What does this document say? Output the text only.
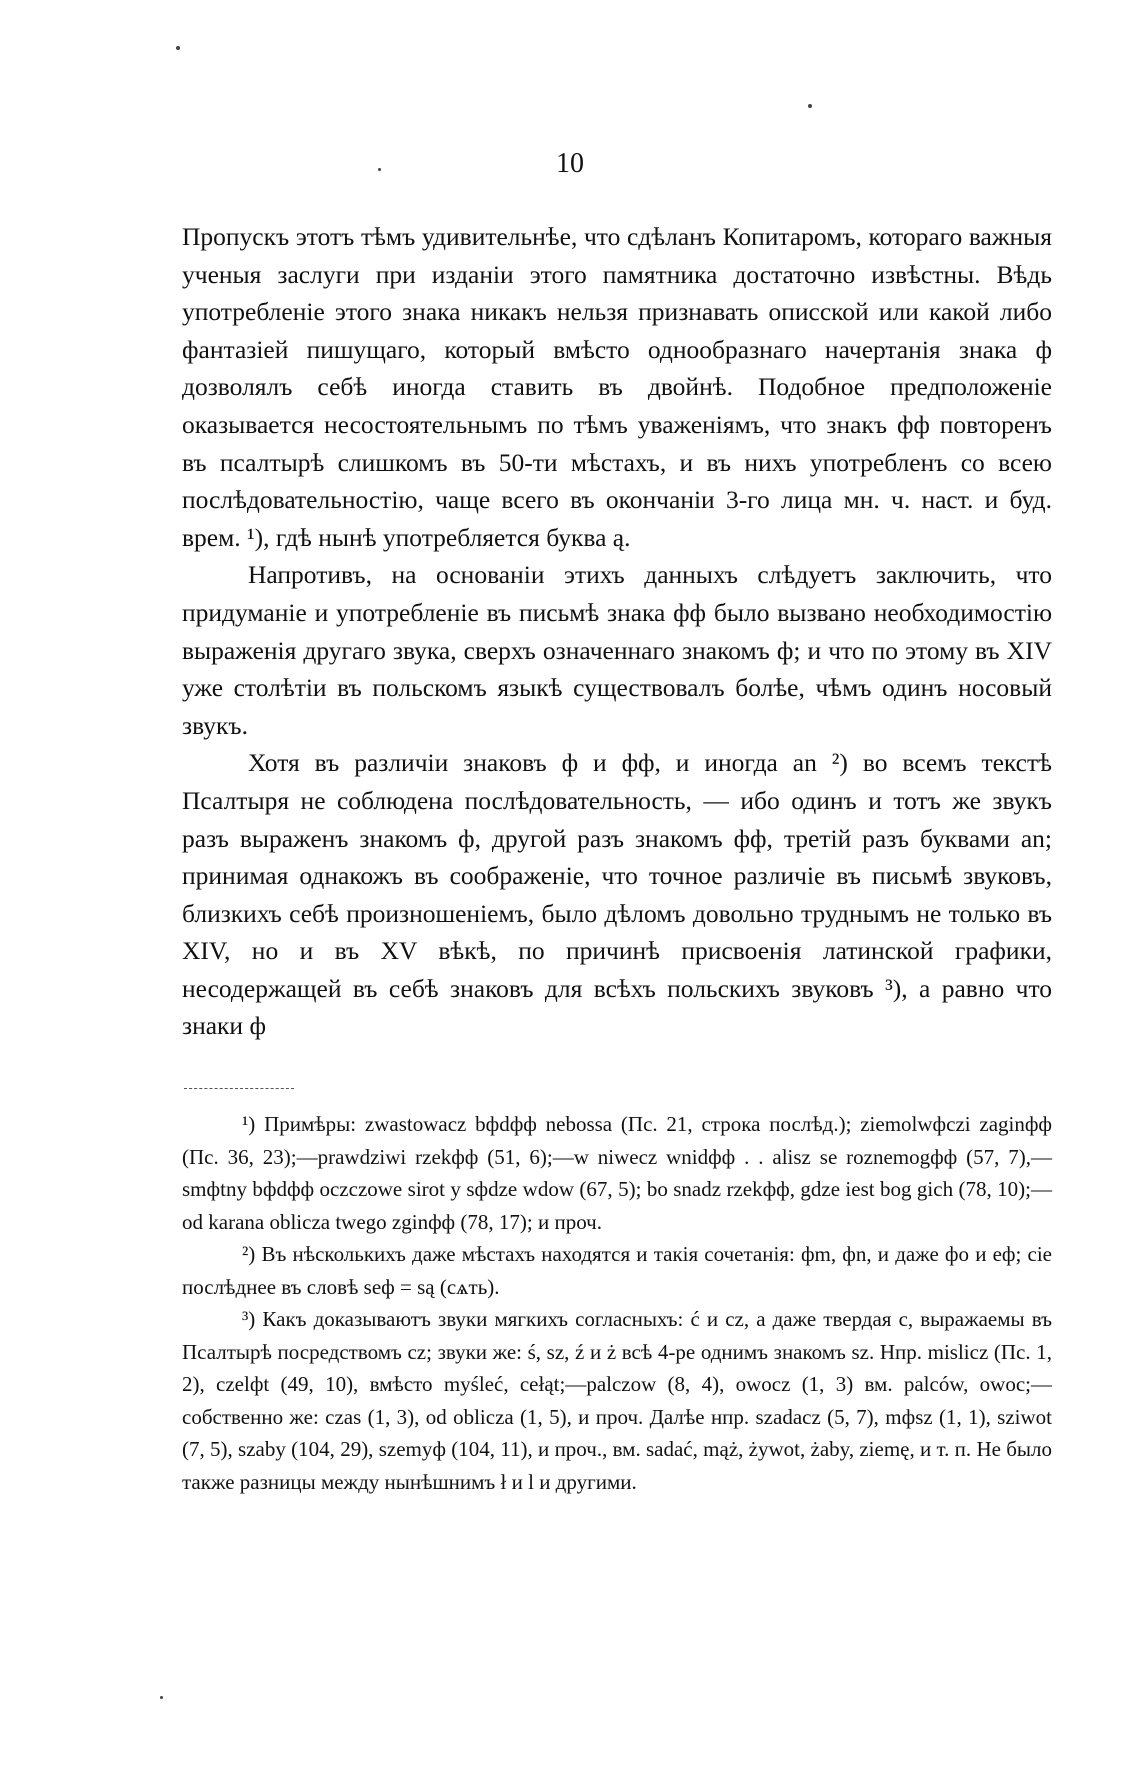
10

Пропускъ этотъ тѣмъ удивительнѣе, что сдѣланъ Копитаромъ, котораго важныя ученыя заслуги при изданіи этого памятника достаточно извѣстны. Вѣдь употребленіе этого знака никакъ нельзя признавать описcкой или какой либо фантазiей пишущаго, который вмѣсто однообразнаго начертанія знака ф дозволялъ себѣ иногда ставить въ двойнѣ. Подобное предположенiе оказывается несостоятельнымъ по тѣмъ уваженіямъ, что знакъ фф повторенъ въ псалтырѣ слишкомъ въ 50-ти мѣстахъ, и въ нихъ употребленъ со всею послѣдовательностію, чаще всего въ окончаніи 3-го лица мн. ч. наст. и буд. врем. ¹), гдѣ нынѣ употребляется буква ą.

Напротивъ, на основаніи этихъ данныхъ слѣдуетъ заключить, что придуманіе и употребленіе въ письмѣ знака фф было вызвано необходимостію выраженія другаго звука, сверхъ означеннаго знакомъ ф; и что по этому въ XIV уже столѣтіи въ польскомъ языкѣ существовалъ болѣе, чѣмъ одинъ носовый звукъ.

Хотя въ различіи знаковъ ф и фф, и иногда an ²) во всемъ текстѣ Псалтыря не соблюдена послѣдовательность, — ибо одинъ и тотъ же звукъ разъ выраженъ знакомъ ф, другой разъ знакомъ фф, третій разъ буквами an; принимая однакожъ въ соображеніе, что точное различіе въ письмѣ звуковъ, близкихъ себѣ произношеніемъ, было дѣломъ довольно труднымъ не только въ XIV, но и въ XV вѣкѣ, по причинѣ присвоенія латинской графики, несодержащей въ себѣ знаковъ для всѣхъ польскихъ звуковъ ³), а равно что знаки ф

¹) Примѣры: zwastowacz bфdфф nebossa (Пс. 21, строка послѣд.); ziemolwфczi zaginфф (Пс. 36, 23);—prawdziwi rzekфф (51, 6);—w niwecz wnidфф . . alisz se roznemogфф (57, 7),—smфtny bфdфф oczczowe sirot y sфdze wdow (67, 5); bo snadz rzekфф, gdze iest bog gich (78, 10);—od karana oblicza twego zginфф (78, 17); и проч.

²) Въ нѣсколькихъ даже мѣстахъ находятся и такія сочетанія: фm, фn, и даже фo и eф; сіе послѣднее въ словѣ seф = są (сѧть).

³) Какъ доказываютъ звуки мягкихъ согласныхъ: ć и cz, а даже твердая c, выражаемы въ Псалтырѣ посредствомъ cz; звуки же: ś, sz, ź и ż всѣ 4-ре однимъ знакомъ sz. Нпр. mislicz (Пс. 1, 2), czelфt (49, 10), вмѣсто myśleć, cełąt;—palczow (8, 4), owocz (1, 3) вм. palców, owoc;—собственно же: czas (1, 3), od oblicza (1, 5), и проч. Далѣе нпр. szadacz (5, 7), mфsz (1, 1), sziwot (7, 5), szaby (104, 29), szemyф (104, 11), и проч., вм. sadać, mąż, żywot, żaby, ziemę, и т. п. Не было также разницы между нынѣшнимъ ł и l и другими.
